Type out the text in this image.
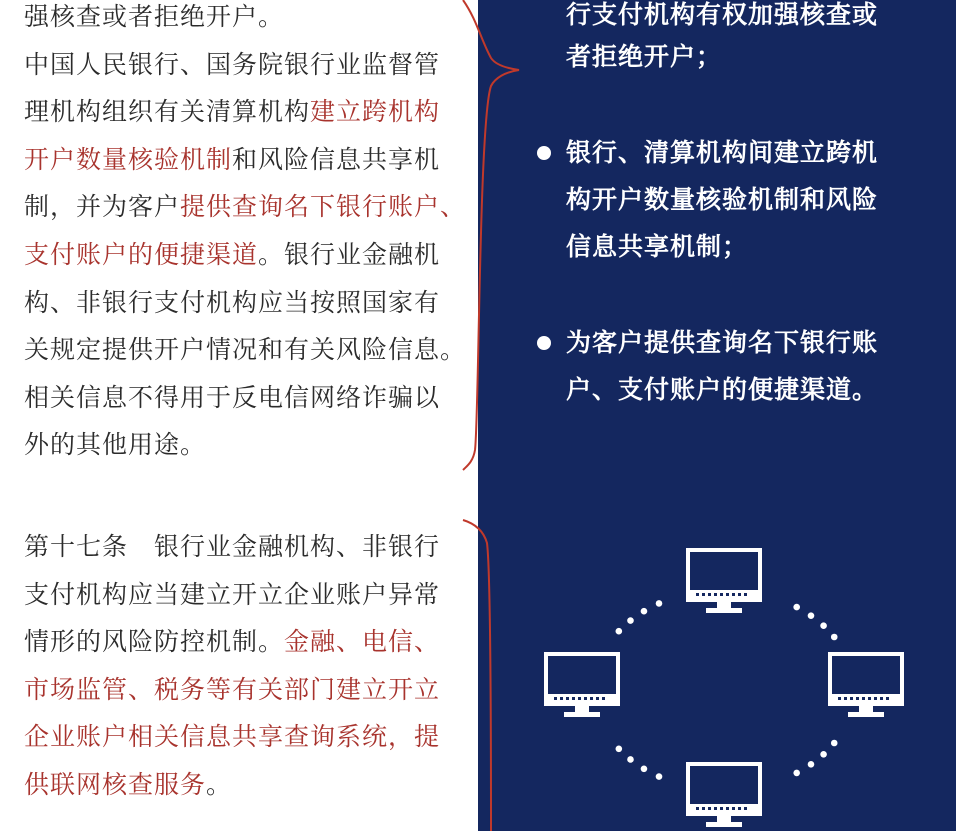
强核查或者拒绝开户。
中国人民银行、国务院银行业监督管
理机构组织有关清算机构建立跨机构
开户数量核验机制和风险信息共享机
制，并为客户提供查询名下银行账户、
支付账户的便捷渠道。银行业金融机
构、非银行支付机构应当按照国家有
关规定提供开户情况和有关风险信息。
相关信息不得用于反电信网络诈骗以
外的其他用途。
第十七条　银行业金融机构、非银行
支付机构应当建立开立企业账户异常
情形的风险防控机制。金融、电信、
市场监管、税务等有关部门建立开立
企业账户相关信息共享查询系统，提
供联网核查服务。
行支付机构有权加强核查或
者拒绝开户；
银行、清算机构间建立跨机
构开户数量核验机制和风险
信息共享机制；
为客户提供查询名下银行账
户、支付账户的便捷渠道。
